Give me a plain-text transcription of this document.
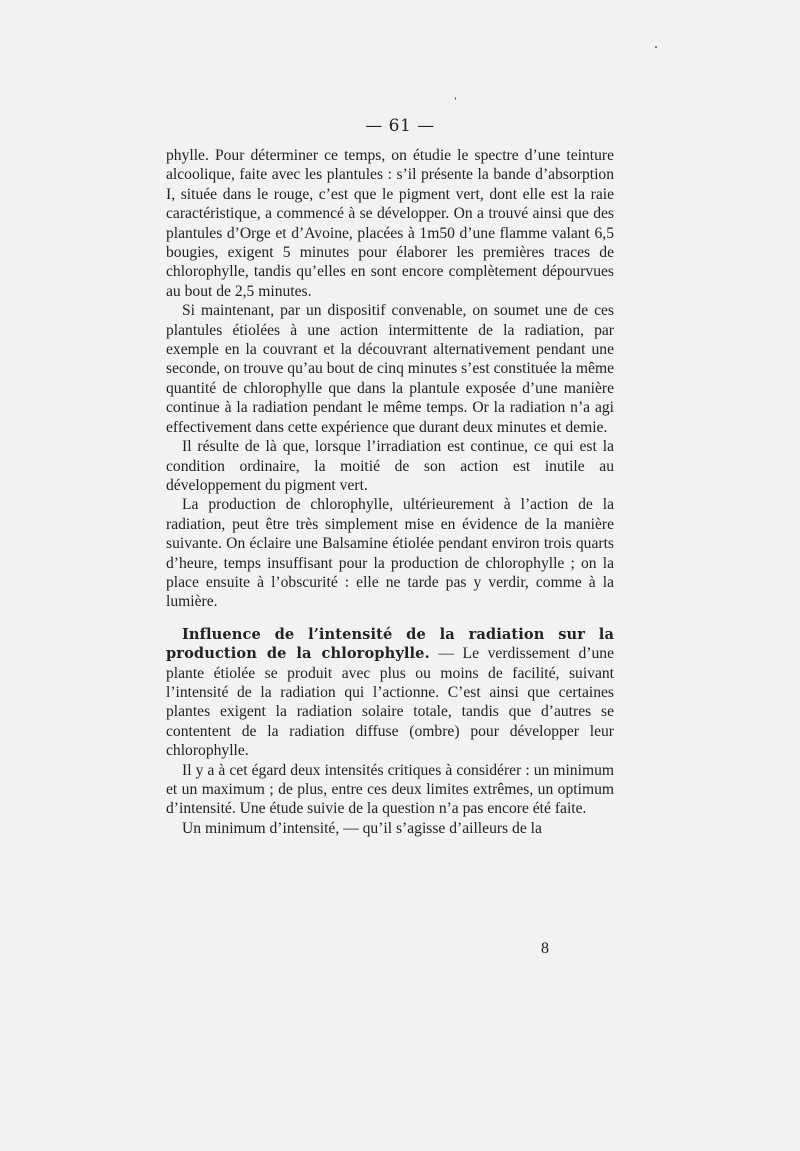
— 61 —

phylle. Pour déterminer ce temps, on étudie le spectre d’une teinture alcoolique, faite avec les plantules : s’il présente la bande d’absorption I, située dans le rouge, c’est que le pigment vert, dont elle est la raie caractéristique, a commencé à se développer. On a trouvé ainsi que des plantules d’Orge et d’Avoine, placées à 1m50 d’une flamme valant 6,5 bougies, exigent 5 minutes pour élaborer les premières traces de chlorophylle, tandis qu’elles en sont encore complètement dépourvues au bout de 2,5 minutes.

Si maintenant, par un dispositif convenable, on soumet une de ces plantules étiolées à une action intermittente de la radiation, par exemple en la couvrant et la découvrant alternativement pendant une seconde, on trouve qu’au bout de cinq minutes s’est constituée la même quantité de chlorophylle que dans la plantule exposée d’une manière continue à la radiation pendant le même temps. Or la radiation n’a agi effectivement dans cette expérience que durant deux minutes et demie.

Il résulte de là que, lorsque l’irradiation est continue, ce qui est la condition ordinaire, la moitié de son action est inutile au développement du pigment vert.

La production de chlorophylle, ultérieurement à l’action de la radiation, peut être très simplement mise en évidence de la manière suivante. On éclaire une Balsamine étiolée pendant environ trois quarts d’heure, temps insuffisant pour la production de chlorophylle ; on la place ensuite à l’obscurité : elle ne tarde pas y verdir, comme à la lumière.

Influence de l’intensité de la radiation sur la production de la chlorophylle. — Le verdissement d’une plante étiolée se produit avec plus ou moins de facilité, suivant l’intensité de la radiation qui l’actionne. C’est ainsi que certaines plantes exigent la radiation solaire totale, tandis que d’autres se contentent de la radiation diffuse (ombre) pour développer leur chlorophylle.

Il y a à cet égard deux intensités critiques à considérer : un minimum et un maximum ; de plus, entre ces deux limites extrêmes, un optimum d’intensité. Une étude suivie de la question n’a pas encore été faite.

Un minimum d’intensité, — qu’il s’agisse d’ailleurs de la

8
